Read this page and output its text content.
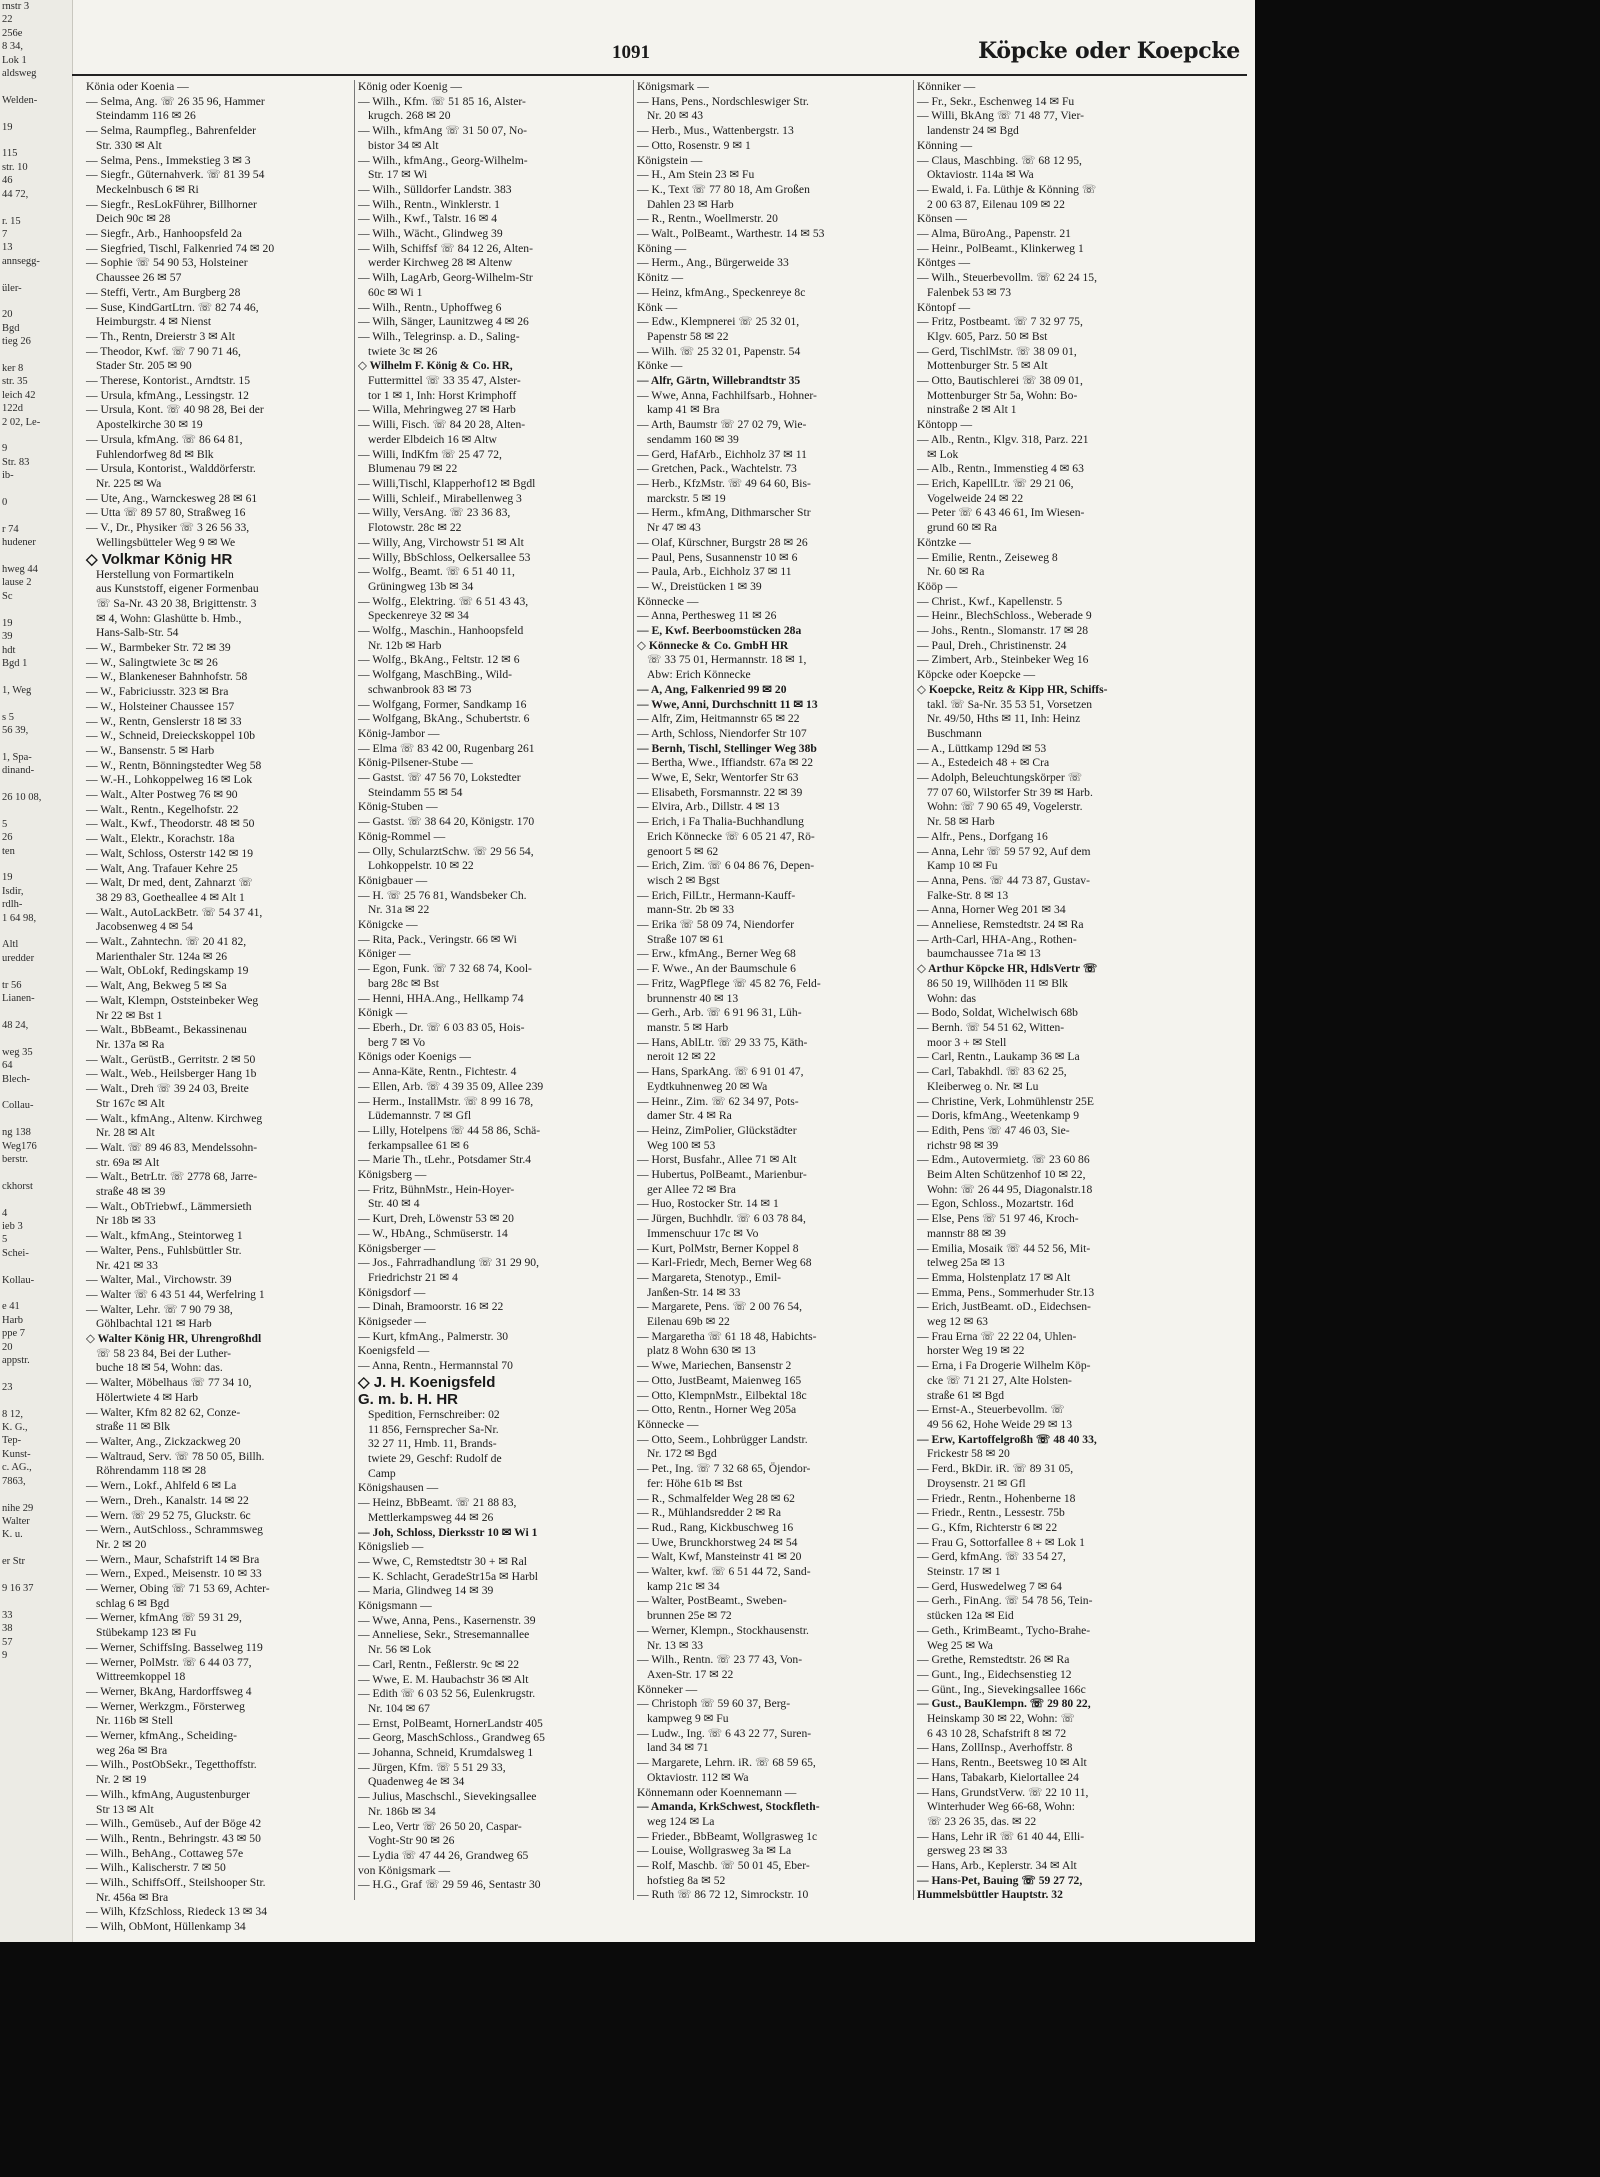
rnstr 3
22
256e
8 34,
Lok 1
aldsweg

Welden-

19

115
str. 10
46
44 72,

r. 15
7
13
annsegg-

üler-

20
Bgd
tieg 26

ker 8
str. 35
leich 42
122d
2 02, Le-

9
Str. 83
ib-

0

r 74
hudener

hweg 44
lause 2
Sc

19
39
hdt
Bgd 1

1, Weg

s 5
56 39,

1, Spa-
dinand-

26 10 08,

5
26
ten

19
Isdir,
rdlh-
1 64 98,

Altl
uredder

tr 56
Lianen-

48 24,

weg 35
64
Blech-

Collau-

ng 138
Weg176
berstr.

ckhorst

4
ieb 3
5
Schei-

Kollau-

e 41
Harb
ppe 7
20
appstr.

23

8 12,
K. G.,
Tep-
Kunst-
c. AG.,
7863,

nihe 29
Walter
K. u.

er Str

9 16 37

33
38
57
9
1091	Köpcke oder Koepcke
Könia oder Koenia —
— Selma, Ang. ☏ 26 35 96, Hammer
Steindamm 116 ✉ 26
— Selma, Raumpfleg., Bahrenfelder
Str. 330 ✉ Alt
— Selma, Pens., Immekstieg 3 ✉ 3
— Siegfr., Güternahverk. ☏ 81 39 54
Meckelnbusch 6 ✉ Ri
— Siegfr., ResLokFührer, Billhorner
Deich 90c ✉ 28
— Siegfr., Arb., Hanhoopsfeld 2a
— Siegfried, Tischl, Falkenried 74 ✉ 20
— Sophie ☏ 54 90 53, Holsteiner
Chaussee 26 ✉ 57
— Steffi, Vertr., Am Burgberg 28
— Suse, KindGartLtrn. ☏ 82 74 46,
Heimburgstr. 4 ✉ Nienst
— Th., Rentn, Dreierstr 3 ✉ Alt
— Theodor, Kwf. ☏ 7 90 71 46,
Stader Str. 205 ✉ 90
— Therese, Kontorist., Arndtstr. 15
— Ursula, kfmAng., Lessingstr. 12
— Ursula, Kont. ☏ 40 98 28, Bei der
Apostelkirche 30 ✉ 19
— Ursula, kfmAng. ☏ 86 64 81,
Fuhlendorfweg 8d ✉ Blk
— Ursula, Kontorist., Walddörferstr.
Nr. 225 ✉ Wa
— Ute, Ang., Warnckesweg 28 ✉ 61
— Utta ☏ 89 57 80, Straßweg 16
— V., Dr., Physiker ☏ 3 26 56 33,
Wellingsbütteler Weg 9 ✉ We
◇ Volkmar König HR
Herstellung von Formartikeln
aus Kunststoff, eigener Formenbau
☏ Sa-Nr. 43 20 38, Brigittenstr. 3
✉ 4, Wohn: Glashütte b. Hmb.,
Hans-Salb-Str. 54
— W., Barmbeker Str. 72 ✉ 39
— W., Salingtwiete 3c ✉ 26
— W., Blankeneser Bahnhofstr. 58
— W., Fabriciusstr. 323 ✉ Bra
— W., Holsteiner Chaussee 157
— W., Rentn, Genslerstr 18 ✉ 33
— W., Schneid, Dreieckskoppel 10b
— W., Bansenstr. 5 ✉ Harb
— W., Rentn, Bönningstedter Weg 58
— W.-H., Lohkoppelweg 16 ✉ Lok
— Walt., Alter Postweg 76 ✉ 90
— Walt., Rentn., Kegelhofstr. 22
— Walt., Kwf., Theodorstr. 48 ✉ 50
— Walt., Elektr., Korachstr. 18a
— Walt, Schloss, Osterstr 142 ✉ 19
— Walt, Ang. Trafauer Kehre 25
— Walt, Dr med, dent, Zahnarzt ☏
38 29 83, Goetheallee 4 ✉ Alt 1
— Walt., AutoLackBetr. ☏ 54 37 41,
Jacobsenweg 4 ✉ 54
— Walt., Zahntechn. ☏ 20 41 82,
Marienthaler Str. 124a ✉ 26
— Walt, ObLokf, Redingskamp 19
— Walt, Ang, Bekweg 5 ✉ Sa
— Walt, Klempn, Oststeinbeker Weg
Nr 22 ✉ Bst 1
— Walt., BbBeamt., Bekassinenau
Nr. 137a ✉ Ra
— Walt., GerüstB., Gerritstr. 2 ✉ 50
— Walt., Web., Heilsberger Hang 1b
— Walt., Dreh ☏ 39 24 03, Breite
Str 167c ✉ Alt
— Walt., kfmAng., Altenw. Kirchweg
Nr. 28 ✉ Alt
— Walt. ☏ 89 46 83, Mendelssohn-
str. 69a ✉ Alt
— Walt., BetrLtr. ☏ 2778 68, Jarre-
straße 48 ✉ 39
— Walt., ObTriebwf., Lämmersieth
Nr 18b ✉ 33
— Walt., kfmAng., Steintorweg 1
— Walter, Pens., Fuhlsbüttler Str.
Nr. 421 ✉ 33
— Walter, Mal., Virchowstr. 39
— Walter ☏ 6 43 51 44, Werfelring 1
— Walter, Lehr. ☏ 7 90 79 38,
Göhlbachtal 121 ✉ Harb
◇ Walter König HR, Uhrengroßhdl
☏ 58 23 84, Bei der Luther-
buche 18 ✉ 54, Wohn: das.
— Walter, Möbelhaus ☏ 77 34 10,
Hölertwiete 4 ✉ Harb
— Walter, Kfm 82 82 62, Conze-
straße 11 ✉ Blk
— Walter, Ang., Zickzackweg 20
— Waltraud, Serv. ☏ 78 50 05, Billh.
Röhrendamm 118 ✉ 28
— Wern., Lokf., Ahlfeld 6 ✉ La
— Wern., Dreh., Kanalstr. 14 ✉ 22
— Wern. ☏ 29 52 75, Gluckstr. 6c
— Wern., AutSchloss., Schrammsweg
Nr. 2 ✉ 20
— Wern., Maur, Schafstrift 14 ✉ Bra
— Wern., Exped., Meisenstr. 10 ✉ 33
— Werner, Obing ☏ 71 53 69, Achter-
schlag 6 ✉ Bgd
— Werner, kfmAng ☏ 59 31 29,
Stübekamp 123 ✉ Fu
— Werner, SchiffsIng. Basselweg 119
— Werner, PolMstr. ☏ 6 44 03 77,
Wittreemkoppel 18
— Werner, BkAng, Hardorffsweg 4
— Werner, Werkzgm., Försterweg
Nr. 116b ✉ Stell
— Werner, kfmAng., Scheiding-
weg 26a ✉ Bra
— Wilh., PostObSekr., Tegetthoffstr.
Nr. 2 ✉ 19
— Wilh., kfmAng, Augustenburger
Str 13 ✉ Alt
— Wilh., Gemüseb., Auf der Böge 42
— Wilh., Rentn., Behringstr. 43 ✉ 50
— Wilh., BehAng., Cottaweg 57e
— Wilh., Kalischerstr. 7 ✉ 50
— Wilh., SchiffsOff., Steilshooper Str.
Nr. 456a ✉ Bra
— Wilh, KfzSchloss, Riedeck 13 ✉ 34
— Wilh, ObMont, Hüllenkamp 34
König oder Koenig —
— Wilh., Kfm. ☏ 51 85 16, Alster-
krugch. 268 ✉ 20
— Wilh., kfmAng ☏ 31 50 07, No-
bistor 34 ✉ Alt
— Wilh., kfmAng., Georg-Wilhelm-
Str. 17 ✉ Wi
— Wilh., Sülldorfer Landstr. 383
— Wilh., Rentn., Winklerstr. 1
— Wilh., Kwf., Talstr. 16 ✉ 4
— Wilh., Wächt., Glindweg 39
— Wilh, Schiffsf ☏ 84 12 26, Alten-
werder Kirchweg 28 ✉ Altenw
— Wilh, LagArb, Georg-Wilhelm-Str
60c ✉ Wi 1
— Wilh., Rentn., Uphoffweg 6
— Wilh, Sänger, Launitzweg 4 ✉ 26
— Wilh., Telegrinsp. a. D., Saling-
twiete 3c ✉ 26
◇ Wilhelm F. König & Co. HR,
Futtermittel ☏ 33 35 47, Alster-
tor 1 ✉ 1, Inh: Horst Krimphoff
— Willa, Mehringweg 27 ✉ Harb
— Willi, Fisch. ☏ 84 20 28, Alten-
werder Elbdeich 16 ✉ Altw
— Willi, IndKfm ☏ 25 47 72,
Blumenau 79 ✉ 22
— Willi,Tischl, Klapperhof12 ✉ Bgdl
— Willi, Schleif., Mirabellenweg 3
— Willy, VersAng. ☏ 23 36 83,
Flotowstr. 28c ✉ 22
— Willy, Ang, Virchowstr 51 ✉ Alt
— Willy, BbSchloss, Oelkersallee 53
— Wolfg., Beamt. ☏ 6 51 40 11,
Grüningweg 13b ✉ 34
— Wolfg., Elektring. ☏ 6 51 43 43,
Speckenreye 32 ✉ 34
— Wolfg., Maschin., Hanhoopsfeld
Nr. 12b ✉ Harb
— Wolfg., BkAng., Feltstr. 12 ✉ 6
— Wolfgang, MaschBing., Wild-
schwanbrook 83 ✉ 73
— Wolfgang, Former, Sandkamp 16
— Wolfgang, BkAng., Schubertstr. 6
König-Jambor —
— Elma ☏ 83 42 00, Rugenbarg 261
König-Pilsener-Stube —
— Gastst. ☏ 47 56 70, Lokstedter
Steindamm 55 ✉ 54
König-Stuben —
— Gastst. ☏ 38 64 20, Königstr. 170
König-Rommel —
— Olly, SchularztSchw. ☏ 29 56 54,
Lohkoppelstr. 10 ✉ 22
Königbauer —
— H. ☏ 25 76 81, Wandsbeker Ch.
Nr. 31a ✉ 22
Königcke —
— Rita, Pack., Veringstr. 66 ✉ Wi
Königer —
— Egon, Funk. ☏ 7 32 68 74, Kool-
barg 28c ✉ Bst
— Henni, HHA.Ang., Hellkamp 74
Königk —
— Eberh., Dr. ☏ 6 03 83 05, Hois-
berg 7 ✉ Vo
Königs oder Koenigs —
— Anna-Käte, Rentn., Fichtestr. 4
— Ellen, Arb. ☏ 4 39 35 09, Allee 239
— Herm., InstallMstr. ☏ 8 99 16 78,
Lüdemannstr. 7 ✉ Gfl
— Lilly, Hotelpens ☏ 44 58 86, Schä-
ferkampsallee 61 ✉ 6
— Marie Th., tLehr., Potsdamer Str.4
Königsberg —
— Fritz, BühnMstr., Hein-Hoyer-
Str. 40 ✉ 4
— Kurt, Dreh, Löwenstr 53 ✉ 20
— W., HbAng., Schmüserstr. 14
Königsberger —
— Jos., Fahrradhandlung ☏ 31 29 90,
Friedrichstr 21 ✉ 4
Königsdorf —
— Dinah, Bramoorstr. 16 ✉ 22
Königseder —
— Kurt, kfmAng., Palmerstr. 30
Koenigsfeld —
— Anna, Rentn., Hermannstal 70
◇ J. H. Koenigsfeld
G. m. b. H. HR
Spedition, Fernschreiber: 02
11 856, Fernsprecher Sa-Nr.
32 27 11, Hmb. 11, Brands-
twiete 29, Geschf: Rudolf de
Camp
Königshausen —
— Heinz, BbBeamt. ☏ 21 88 83,
Mettlerkampsweg 44 ✉ 26
— Joh, Schloss, Dierksstr 10 ✉ Wi 1
Königslieb —
— Wwe, C, Remstedtstr 30 + ✉ Ral
— K. Schlacht, GeradeStr15a ✉ Harbl
— Maria, Glindweg 14 ✉ 39
Königsmann —
— Wwe, Anna, Pens., Kasernenstr. 39
— Anneliese, Sekr., Stresemannallee
Nr. 56 ✉ Lok
— Carl, Rentn., Feßlerstr. 9c ✉ 22
— Wwe, E. M. Haubachstr 36 ✉ Alt
— Edith ☏ 6 03 52 56, Eulenkrugstr.
Nr. 104 ✉ 67
— Ernst, PolBeamt, HornerLandstr 405
— Georg, MaschSchloss., Grandweg 65
— Johanna, Schneid, Krumdalsweg 1
— Jürgen, Kfm. ☏ 5 51 29 33,
Quadenweg 4e ✉ 34
— Julius, Maschschl., Sievekingsallee
Nr. 186b ✉ 34
— Leo, Vertr ☏ 26 50 20, Caspar-
Voght-Str 90 ✉ 26
— Lydia ☏ 47 44 26, Grandweg 65
von Königsmark —
— H.G., Graf ☏ 29 59 46, Sentastr 30
Königsmark —
— Hans, Pens., Nordschleswiger Str.
Nr. 20 ✉ 43
— Herb., Mus., Wattenbergstr. 13
— Otto, Rosenstr. 9 ✉ 1
Königstein —
— H., Am Stein 23 ✉ Fu
— K., Text ☏ 77 80 18, Am Großen
Dahlen 23 ✉ Harb
— R., Rentn., Woellmerstr. 20
— Walt., PolBeamt., Warthestr. 14 ✉ 53
Köning —
— Herm., Ang., Bürgerweide 33
Könitz —
— Heinz, kfmAng., Speckenreye 8c
Könk —
— Edw., Klempnerei ☏ 25 32 01,
Papenstr 58 ✉ 22
— Wilh. ☏ 25 32 01, Papenstr. 54
Könke —
— Alfr, Gärtn, Willebrandtstr 35
— Wwe, Anna, Fachhilfsarb., Hohner-
kamp 41 ✉ Bra
— Arth, Baumstr ☏ 27 02 79, Wie-
sendamm 160 ✉ 39
— Gerd, HafArb., Eichholz 37 ✉ 11
— Gretchen, Pack., Wachtelstr. 73
— Herb., KfzMstr. ☏ 49 64 60, Bis-
marckstr. 5 ✉ 19
— Herm., kfmAng, Dithmarscher Str
Nr 47 ✉ 43
— Olaf, Kürschner, Burgstr 28 ✉ 26
— Paul, Pens, Susannenstr 10 ✉ 6
— Paula, Arb., Eichholz 37 ✉ 11
— W., Dreistücken 1 ✉ 39
Könnecke —
— Anna, Perthesweg 11 ✉ 26
— E, Kwf. Beerboomstücken 28a
◇ Könnecke & Co. GmbH HR
☏ 33 75 01, Hermannstr. 18 ✉ 1,
Abw: Erich Könnecke
— A, Ang, Falkenried 99 ✉ 20
— Wwe, Anni, Durchschnitt 11 ✉ 13
— Alfr, Zim, Heitmannstr 65 ✉ 22
— Arth, Schloss, Niendorfer Str 107
— Bernh, Tischl, Stellinger Weg 38b
— Bertha, Wwe., Iffiandstr. 67a ✉ 22
— Wwe, E, Sekr, Wentorfer Str 63
— Elisabeth, Forsmannstr. 22 ✉ 39
— Elvira, Arb., Dillstr. 4 ✉ 13
— Erich, i Fa Thalia-Buchhandlung
Erich Könnecke ☏ 6 05 21 47, Rö-
genoort 5 ✉ 62
— Erich, Zim. ☏ 6 04 86 76, Depen-
wisch 2 ✉ Bgst
— Erich, FilLtr., Hermann-Kauff-
mann-Str. 2b ✉ 33
— Erika ☏ 58 09 74, Niendorfer
Straße 107 ✉ 61
— Erw., kfmAng., Berner Weg 68
— F. Wwe., An der Baumschule 6
— Fritz, WagPflege ☏ 45 82 76, Feld-
brunnenstr 40 ✉ 13
— Gerh., Arb. ☏ 6 91 96 31, Lüh-
manstr. 5 ✉ Harb
— Hans, AblLtr. ☏ 29 33 75, Käth-
neroit 12 ✉ 22
— Hans, SparkAng. ☏ 6 91 01 47,
Eydtkuhnenweg 20 ✉ Wa
— Heinr., Zim. ☏ 62 34 97, Pots-
damer Str. 4 ✉ Ra
— Heinz, ZimPolier, Glückstädter
Weg 100 ✉ 53
— Horst, Busfahr., Allee 71 ✉ Alt
— Hubertus, PolBeamt., Marienbur-
ger Allee 72 ✉ Bra
— Huo, Rostocker Str. 14 ✉ 1
— Jürgen, Buchhdlr. ☏ 6 03 78 84,
Immenschuur 17c ✉ Vo
— Kurt, PolMstr, Berner Koppel 8
— Karl-Friedr, Mech, Berner Weg 68
— Margareta, Stenotyp., Emil-
Janßen-Str. 14 ✉ 33
— Margarete, Pens. ☏ 2 00 76 54,
Eilenau 69b ✉ 22
— Margaretha ☏ 61 18 48, Habichts-
platz 8 Wohn 630 ✉ 13
— Wwe, Mariechen, Bansenstr 2
— Otto, JustBeamt, Maienweg 165
— Otto, KlempnMstr., Eilbektal 18c
— Otto, Rentn., Horner Weg 205a
Könnecke —
— Otto, Seem., Lohbrügger Landstr.
Nr. 172 ✉ Bgd
— Pet., Ing. ☏ 7 32 68 65, Öjendor-
fer: Höhe 61b ✉ Bst
— R., Schmalfelder Weg 28 ✉ 62
— R., Mühlandsredder 2 ✉ Ra
— Rud., Rang, Kickbuschweg 16
— Uwe, Brunckhorstweg 24 ✉ 54
— Walt, Kwf, Mansteinstr 41 ✉ 20
— Walter, kwf. ☏ 6 51 44 72, Sand-
kamp 21c ✉ 34
— Walter, PostBeamt., Sweben-
brunnen 25e ✉ 72
— Werner, Klempn., Stockhausenstr.
Nr. 13 ✉ 33
— Wilh., Rentn. ☏ 23 77 43, Von-
Axen-Str. 17 ✉ 22
Könneker —
— Christoph ☏ 59 60 37, Berg-
kampweg 9 ✉ Fu
— Ludw., Ing. ☏ 6 43 22 77, Suren-
land 34 ✉ 71
— Margarete, Lehrn. iR. ☏ 68 59 65,
Oktaviostr. 112 ✉ Wa
Könnemann oder Koennemann —
— Amanda, KrkSchwest, Stockfleth-
weg 124 ✉ La
— Frieder., BbBeamt, Wollgrasweg 1c
— Louise, Wollgrasweg 3a ✉ La
— Rolf, Maschb. ☏ 50 01 45, Eber-
hofstieg 8a ✉ 52
— Ruth ☏ 86 72 12, Simrockstr. 10
Könniker —
— Fr., Sekr., Eschenweg 14 ✉ Fu
— Willi, BkAng ☏ 71 48 77, Vier-
landenstr 24 ✉ Bgd
Könning —
— Claus, Maschbing. ☏ 68 12 95,
Oktaviostr. 114a ✉ Wa
— Ewald, i. Fa. Lüthje & Könning ☏
2 00 63 87, Eilenau 109 ✉ 22
Könsen —
— Alma, BüroAng., Papenstr. 21
— Heinr., PolBeamt., Klinkerweg 1
Köntges —
— Wilh., Steuerbevollm. ☏ 62 24 15,
Falenbek 53 ✉ 73
Köntopf —
— Fritz, Postbeamt. ☏ 7 32 97 75,
Klgv. 605, Parz. 50 ✉ Bst
— Gerd, TischlMstr. ☏ 38 09 01,
Mottenburger Str. 5 ✉ Alt
— Otto, Bautischlerei ☏ 38 09 01,
Mottenburger Str 5a, Wohn: Bo-
ninstraße 2 ✉ Alt 1
Köntopp —
— Alb., Rentn., Klgv. 318, Parz. 221
✉ Lok
— Alb., Rentn., Immenstieg 4 ✉ 63
— Erich, KapellLtr. ☏ 29 21 06,
Vogelweide 24 ✉ 22
— Peter ☏ 6 43 46 61, Im Wiesen-
grund 60 ✉ Ra
Köntzke —
— Emilie, Rentn., Zeiseweg 8
Nr. 60 ✉ Ra
Kööp —
— Christ., Kwf., Kapellenstr. 5
— Heinr., BlechSchloss., Weberade 9
— Johs., Rentn., Slomanstr. 17 ✉ 28
— Paul, Dreh., Christinenstr. 24
— Zimbert, Arb., Steinbeker Weg 16
Köpcke oder Koepcke —
◇ Koepcke, Reitz & Kipp HR, Schiffs-
takl. ☏ Sa-Nr. 35 53 51, Vorsetzen
Nr. 49/50, Hths ✉ 11, Inh: Heinz
Buschmann
— A., Lüttkamp 129d ✉ 53
— A., Estedeich 48 + ✉ Cra
— Adolph, Beleuchtungskörper ☏
77 07 60, Wilstorfer Str 39 ✉ Harb.
Wohn: ☏ 7 90 65 49, Vogelerstr.
Nr. 58 ✉ Harb
— Alfr., Pens., Dorfgang 16
— Anna, Lehr ☏ 59 57 92, Auf dem
Kamp 10 ✉ Fu
— Anna, Pens. ☏ 44 73 87, Gustav-
Falke-Str. 8 ✉ 13
— Anna, Horner Weg 201 ✉ 34
— Anneliese, Remstedtstr. 24 ✉ Ra
— Arth-Carl, HHA-Ang., Rothen-
baumchaussee 71a ✉ 13
◇ Arthur Köpcke HR, HdlsVertr ☏
86 50 19, Willhöden 11 ✉ Blk
Wohn: das
— Bodo, Soldat, Wichelwisch 68b
— Bernh. ☏ 54 51 62, Witten-
moor 3 + ✉ Stell
— Carl, Rentn., Laukamp 36 ✉ La
— Carl, Tabakhdl. ☏ 83 62 25,
Kleiberweg o. Nr. ✉ Lu
— Christine, Verk, Lohmühlenstr 25E
— Doris, kfmAng., Weetenkamp 9
— Edith, Pens ☏ 47 46 03, Sie-
richstr 98 ✉ 39
— Edm., Autovermietg. ☏ 23 60 86
Beim Alten Schützenhof 10 ✉ 22,
Wohn: ☏ 26 44 95, Diagonalstr.18
— Egon, Schloss., Mozartstr. 16d
— Else, Pens ☏ 51 97 46, Kroch-
mannstr 88 ✉ 39
— Emilia, Mosaik ☏ 44 52 56, Mit-
telweg 25a ✉ 13
— Emma, Holstenplatz 17 ✉ Alt
— Emma, Pens., Sommerhuder Str.13
— Erich, JustBeamt. oD., Eidechsen-
weg 12 ✉ 63
— Frau Erna ☏ 22 22 04, Uhlen-
horster Weg 19 ✉ 22
— Erna, i Fa Drogerie Wilhelm Köp-
cke ☏ 71 21 27, Alte Holsten-
straße 61 ✉ Bgd
— Ernst-A., Steuerbevollm. ☏
49 56 62, Hohe Weide 29 ✉ 13
— Erw, Kartoffelgroßh ☏ 48 40 33,
Frickestr 58 ✉ 20
— Ferd., BkDir. iR. ☏ 89 31 05,
Droysenstr. 21 ✉ Gfl
— Friedr., Rentn., Hohenberne 18
— Friedr., Rentn., Lessestr. 75b
— G., Kfm, Richterstr 6 ✉ 22
— Frau G, Sottorfallee 8 + ✉ Lok 1
— Gerd, kfmAng. ☏ 33 54 27,
Steinstr. 17 ✉ 1
— Gerd, Huswedelweg 7 ✉ 64
— Gerh., FinAng. ☏ 54 78 56, Tein-
stücken 12a ✉ Eid
— Geth., KrimBeamt., Tycho-Brahe-
Weg 25 ✉ Wa
— Grethe, Remstedtstr. 26 ✉ Ra
— Gunt., Ing., Eidechsenstieg 12
— Günt., Ing., Sievekingsallee 166c
— Gust., BauKlempn. ☏ 29 80 22,
Heinskamp 30 ✉ 22, Wohn: ☏
6 43 10 28, Schafstrift 8 ✉ 72
— Hans, ZollInsp., Averhoffstr. 8
— Hans, Rentn., Beetsweg 10 ✉ Alt
— Hans, Tabakarb, Kielortallee 24
— Hans, GrundstVerw. ☏ 22 10 11,
Winterhuder Weg 66-68, Wohn:
☏ 23 26 35, das. ✉ 22
— Hans, Lehr iR ☏ 61 40 44, Elli-
gersweg 23 ✉ 33
— Hans, Arb., Keplerstr. 34 ✉ Alt
— Hans-Pet, Bauing ☏ 59 27 72,
Hummelsbüttler Hauptstr. 32
